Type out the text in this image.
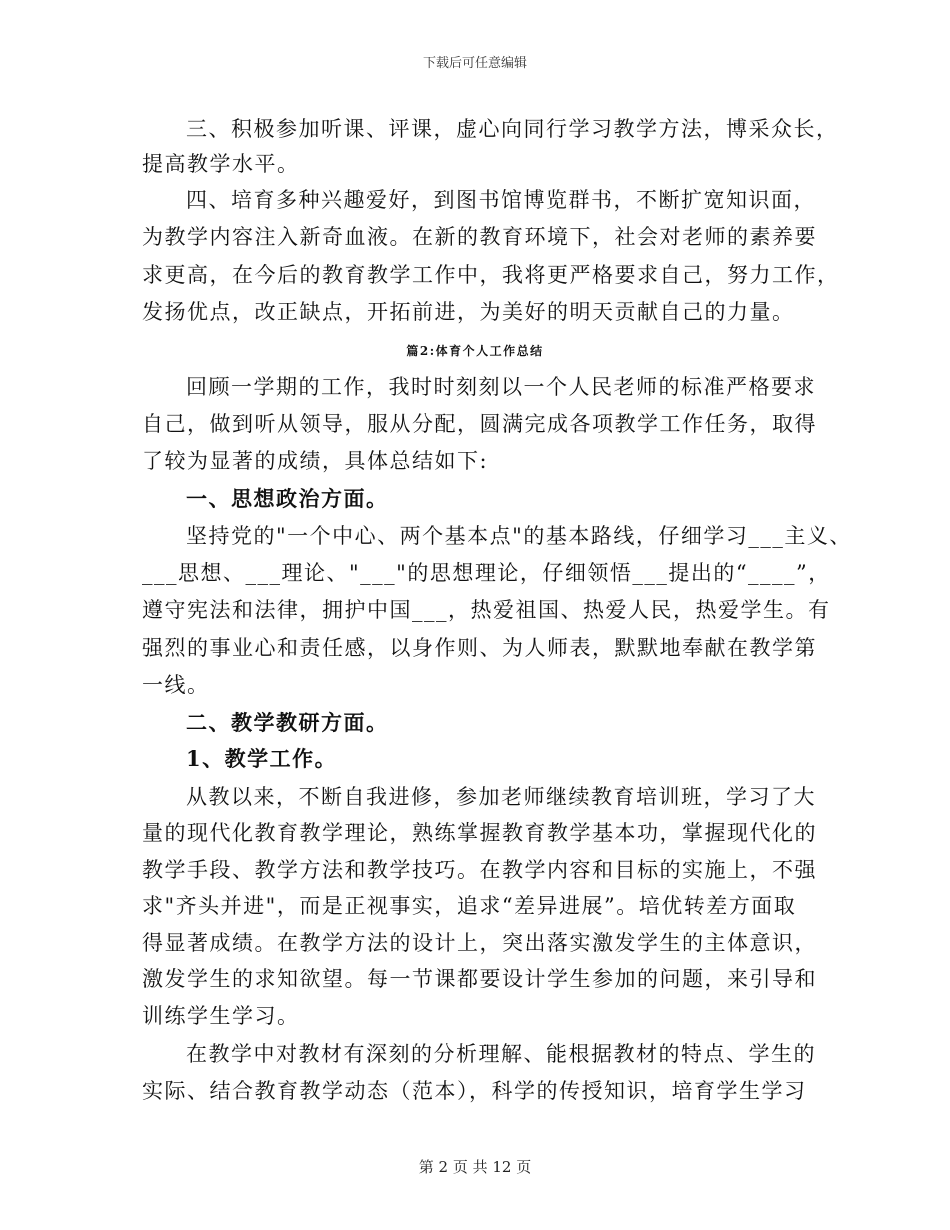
下载后可任意编辑
三、积极参加听课、评课，虚心向同行学习教学方法，博采众长，
提高教学水平。
四、培育多种兴趣爱好，到图书馆博览群书，不断扩宽知识面，
为教学内容注入新奇血液。在新的教育环境下，社会对老师的素养要
求更高，在今后的教育教学工作中，我将更严格要求自己，努力工作，
发扬优点，改正缺点，开拓前进，为美好的明天贡献自己的力量。
篇2:体育个人工作总结
回顾一学期的工作，我时时刻刻以一个人民老师的标准严格要求
自己，做到听从领导，服从分配，圆满完成各项教学工作任务，取得
了较为显著的成绩，具体总结如下:
一、思想政治方面。
坚持党的"一个中心、两个基本点"的基本路线，仔细学习___主义、
___思想、___理论、"___"的思想理论，仔细领悟___提出的“____”，
遵守宪法和法律，拥护中国___，热爱祖国、热爱人民，热爱学生。有
强烈的事业心和责任感，以身作则、为人师表，默默地奉献在教学第
一线。
二、教学教研方面。
1、教学工作。
从教以来，不断自我进修，参加老师继续教育培训班，学习了大
量的现代化教育教学理论，熟练掌握教育教学基本功，掌握现代化的
教学手段、教学方法和教学技巧。在教学内容和目标的实施上，不强
求"齐头并进"，而是正视事实，追求“差异进展”。培优转差方面取
得显著成绩。在教学方法的设计上，突出落实激发学生的主体意识，
激发学生的求知欲望。每一节课都要设计学生参加的问题，来引导和
训练学生学习。
在教学中对教材有深刻的分析理解、能根据教材的特点、学生的
实际、结合教育教学动态（范本），科学的传授知识，培育学生学习
第 2 页 共 12 页
